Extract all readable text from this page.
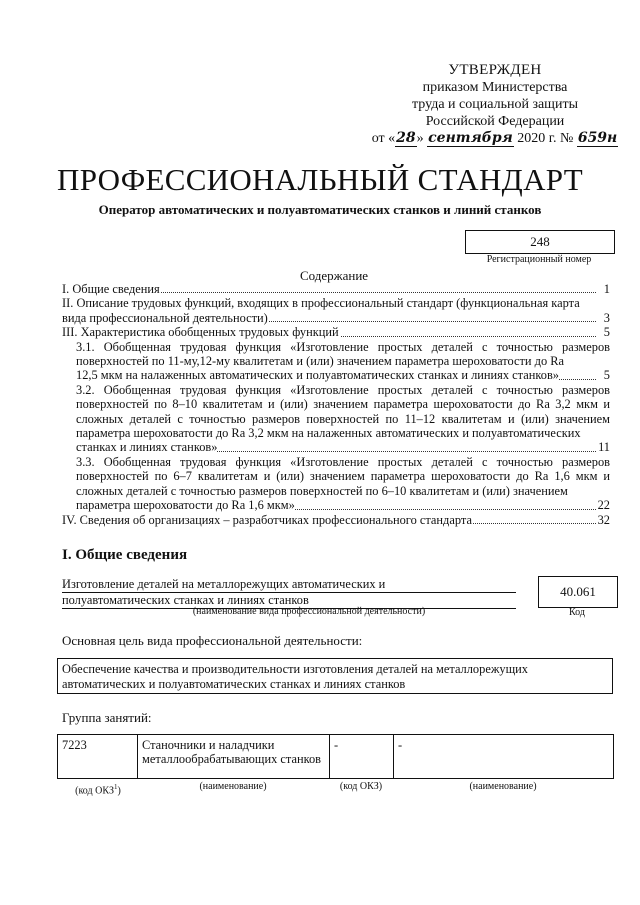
УТВЕРЖДЕН
приказом Министерства
труда и социальной защиты
Российской Федерации
от «28» сентября 2020 г. № 659н
ПРОФЕССИОНАЛЬНЫЙ СТАНДАРТ
Оператор автоматических и полуавтоматических станков и линий станков
248
Регистрационный номер
Содержание
I. Общие сведения	1
II. Описание трудовых функций, входящих в профессиональный стандарт (функциональная карта
вида профессиональной деятельности)	3
III. Характеристика обобщенных трудовых функций	5
3.1. Обобщенная трудовая функция «Изготовление простых деталей с точностью размеров поверхностей по 11-му,12-му квалитетам и (или) значением параметра шероховатости до Ra
12,5 мкм на налаженных автоматических и полуавтоматических станках и линиях станков»	5
3.2. Обобщенная трудовая функция «Изготовление простых деталей с точностью размеров поверхностей по 8–10 квалитетам и (или) значением параметра шероховатости до Ra 3,2 мкм и сложных деталей с точностью размеров поверхностей по 11–12 квалитетам и (или) значением параметра шероховатости до Ra 3,2 мкм на налаженных автоматических и полуавтоматических
станках и линиях станков»	11
3.3. Обобщенная трудовая функция «Изготовление простых деталей с точностью размеров поверхностей по 6–7 квалитетам и (или) значением параметра шероховатости до Ra 1,6 мкм и сложных деталей с точностью размеров поверхностей по 6–10 квалитетам и (или) значением
параметра шероховатости до Ra 1,6 мкм»	22
IV. Сведения об организациях – разработчиках профессионального стандарта	32
I. Общие сведения
Изготовление деталей на металлорежущих автоматических и
полуавтоматических станках и линиях станков
(наименование вида профессиональной деятельности)
40.061
Код
Основная цель вида профессиональной деятельности:
Обеспечение качества и производительности изготовления деталей на металлорежущих автоматических и полуавтоматических станках и линиях станков
Группа занятий:
7223	Станочники и наладчики металлообрабатывающих станков	-	-
(код ОКЗ$^1$)	(наименование)	(код ОКЗ)	(наименование)
